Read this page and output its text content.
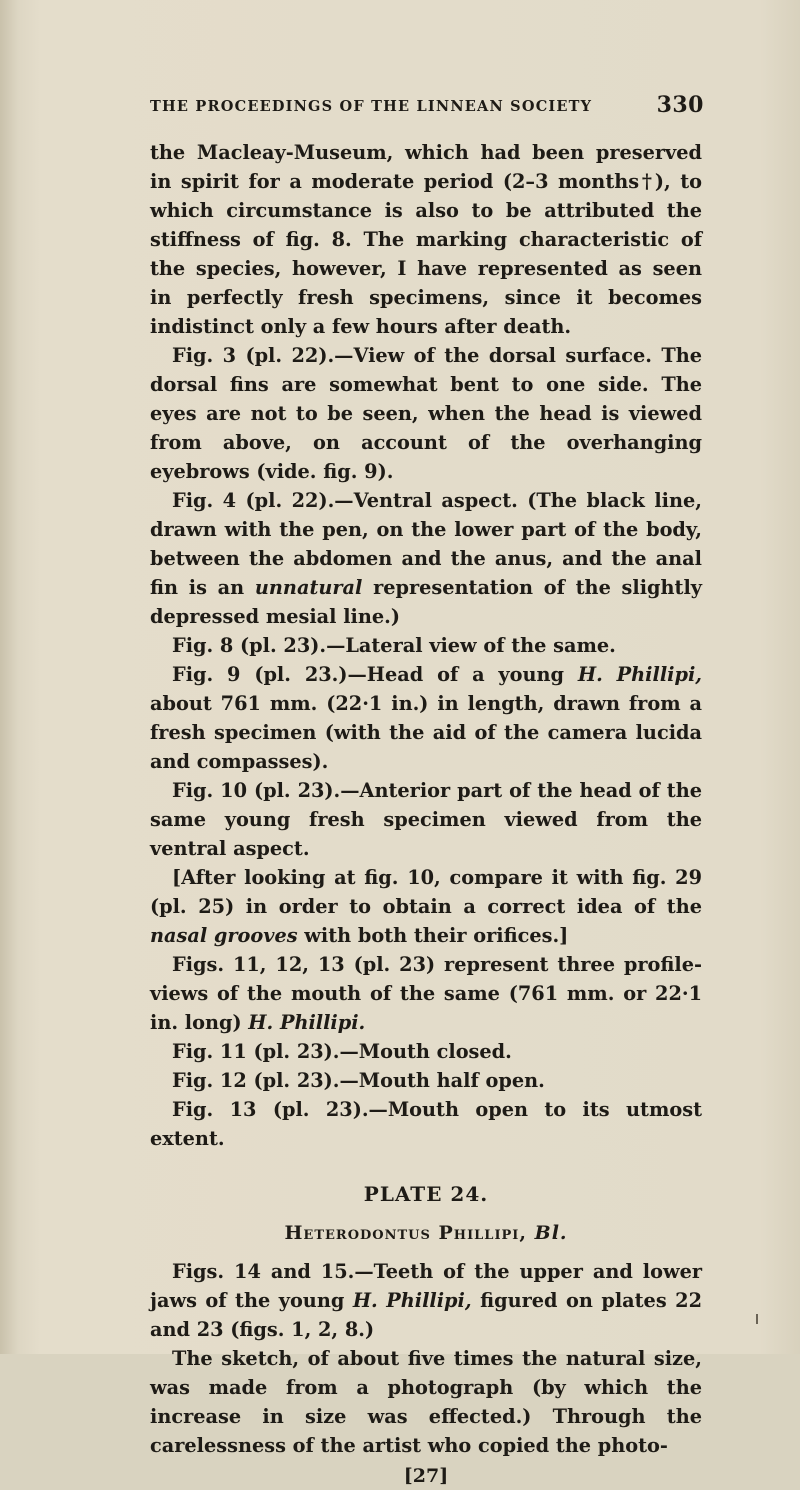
THE PROCEEDINGS OF THE LINNEAN SOCIETY	330

the Macleay-Museum, which had been preserved in spirit for a moderate period (2–3 months†), to which circumstance is also to be attributed the stiffness of fig. 8. The marking characteristic of the species, however, I have represented as seen in perfectly fresh specimens, since it becomes indistinct only a few hours after death.

Fig. 3 (pl. 22).—View of the dorsal surface. The dorsal fins are somewhat bent to one side. The eyes are not to be seen, when the head is viewed from above, on account of the overhanging eyebrows (vide. fig. 9).

Fig. 4 (pl. 22).—Ventral aspect. (The black line, drawn with the pen, on the lower part of the body, between the abdomen and the anus, and the anal fin is an unnatural representation of the slightly depressed mesial line.)

Fig. 8 (pl. 23).—Lateral view of the same.

Fig. 9 (pl. 23.)—Head of a young H. Phillipi, about 761 mm. (22·1 in.) in length, drawn from a fresh specimen (with the aid of the camera lucida and compasses).

Fig. 10 (pl. 23).—Anterior part of the head of the same young fresh specimen viewed from the ventral aspect.

[After looking at fig. 10, compare it with fig. 29 (pl. 25) in order to obtain a correct idea of the nasal grooves with both their orifices.]

Figs. 11, 12, 13 (pl. 23) represent three profile-views of the mouth of the same (761 mm. or 22·1 in. long) H. Phillipi.

Fig. 11 (pl. 23).—Mouth closed.

Fig. 12 (pl. 23).—Mouth half open.

Fig. 13 (pl. 23).—Mouth open to its utmost extent.

PLATE 24.
Heterodontus Phillipi, Bl.

Figs. 14 and 15.—Teeth of the upper and lower jaws of the young H. Phillipi, figured on plates 22 and 23 (figs. 1, 2, 8.)

The sketch, of about five times the natural size, was made from a photograph (by which the increase in size was effected.) Through the carelessness of the artist who copied the photo-

[27]
